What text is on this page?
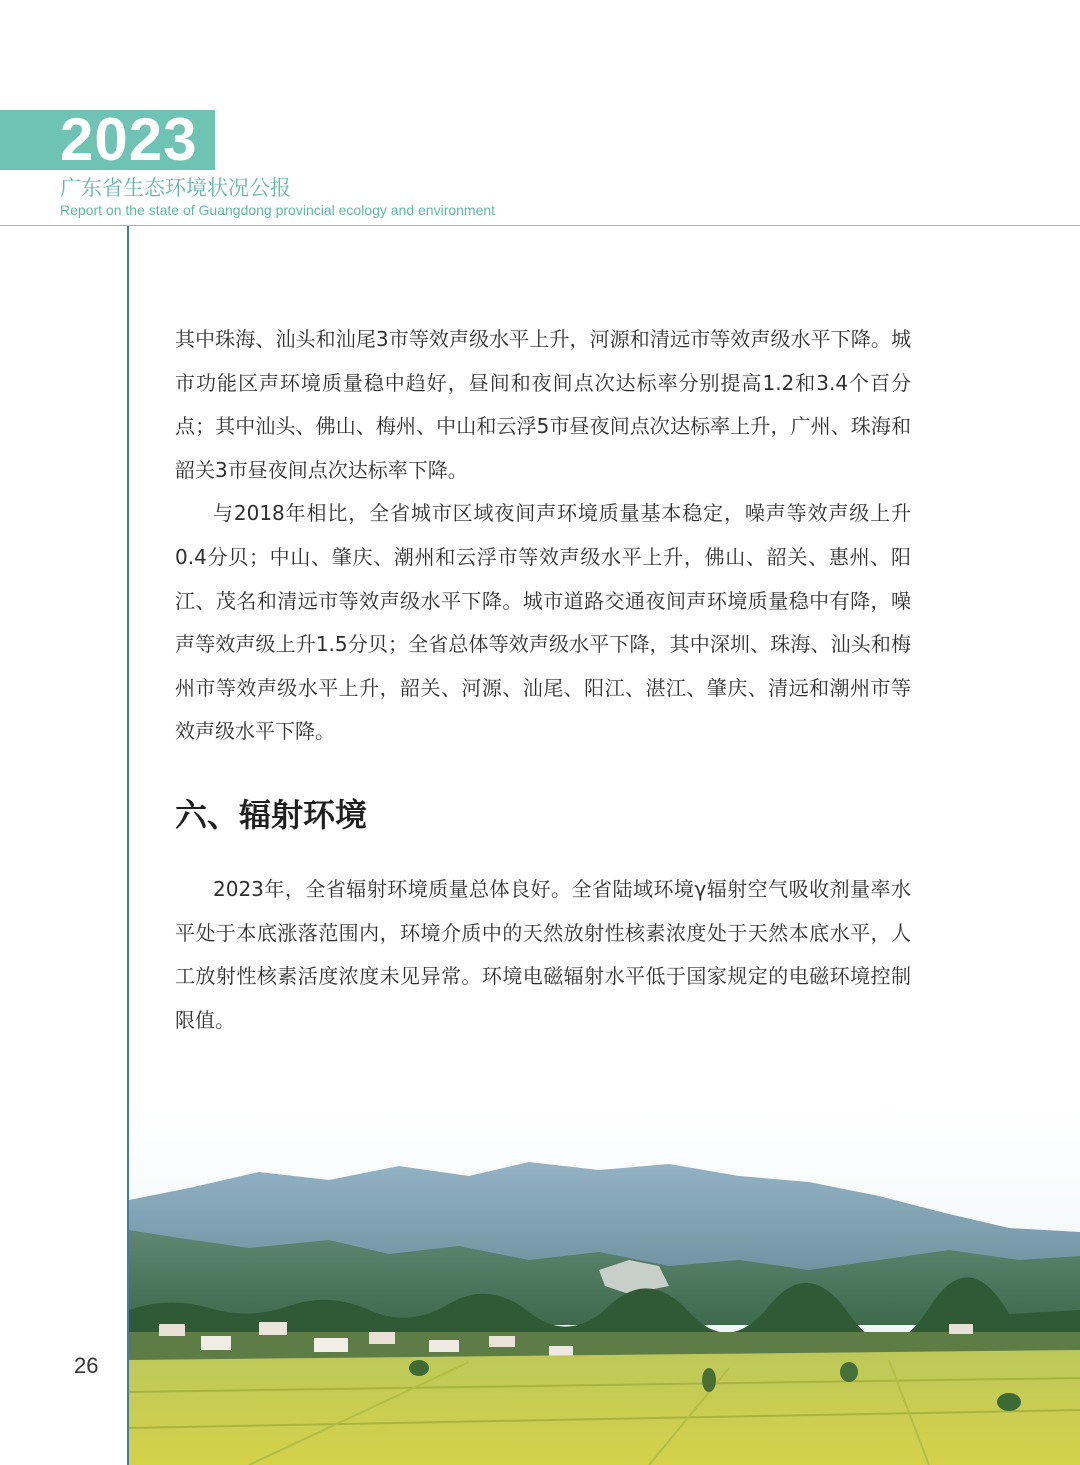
2023
广东省生态环境状况公报
Report on the state of Guangdong provincial ecology and environment

其中珠海、汕头和汕尾3市等效声级水平上升，河源和清远市等效声级水平下降。城市功能区声环境质量稳中趋好，昼间和夜间点次达标率分别提高1.2和3.4个百分点；其中汕头、佛山、梅州、中山和云浮5市昼夜间点次达标率上升，广州、珠海和韶关3市昼夜间点次达标率下降。

与2018年相比，全省城市区域夜间声环境质量基本稳定，噪声等效声级上升0.4分贝；中山、肇庆、潮州和云浮市等效声级水平上升，佛山、韶关、惠州、阳江、茂名和清远市等效声级水平下降。城市道路交通夜间声环境质量稳中有降，噪声等效声级上升1.5分贝；全省总体等效声级水平下降，其中深圳、珠海、汕头和梅州市等效声级水平上升，韶关、河源、汕尾、阳江、湛江、肇庆、清远和潮州市等效声级水平下降。

六、辐射环境

2023年，全省辐射环境质量总体良好。全省陆域环境γ辐射空气吸收剂量率水平处于本底涨落范围内，环境介质中的天然放射性核素浓度处于天然本底水平，人工放射性核素活度浓度未见异常。环境电磁辐射水平低于国家规定的电磁环境控制限值。

26
